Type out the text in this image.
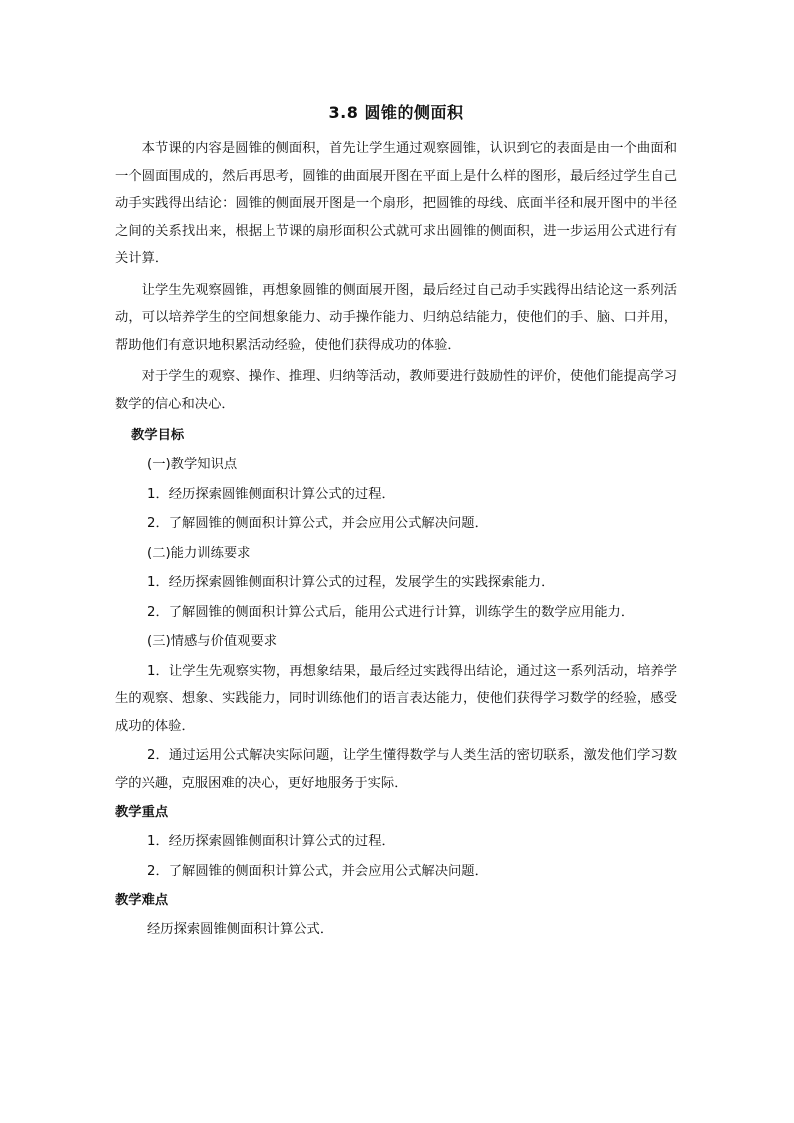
3.8 圆锥的侧面积

本节课的内容是圆锥的侧面积，首先让学生通过观察圆锥，认识到它的表面是由一个曲面和一个圆面围成的，然后再思考，圆锥的曲面展开图在平面上是什么样的图形，最后经过学生自己动手实践得出结论：圆锥的侧面展开图是一个扇形，把圆锥的母线、底面半径和展开图中的半径之间的关系找出来，根据上节课的扇形面积公式就可求出圆锥的侧面积，进一步运用公式进行有关计算．

让学生先观察圆锥，再想象圆锥的侧面展开图，最后经过自己动手实践得出结论这一系列活动，可以培养学生的空间想象能力、动手操作能力、归纳总结能力，使他们的手、脑、口并用，帮助他们有意识地积累活动经验，使他们获得成功的体验．

对于学生的观察、操作、推理、归纳等活动，教师要进行鼓励性的评价，使他们能提高学习数学的信心和决心．

教学目标
(一)教学知识点
1．经历探索圆锥侧面积计算公式的过程．
2．了解圆锥的侧面积计算公式，并会应用公式解决问题．
(二)能力训练要求
1．经历探索圆锥侧面积计算公式的过程，发展学生的实践探索能力．
2．了解圆锥的侧面积计算公式后，能用公式进行计算，训练学生的数学应用能力．
(三)情感与价值观要求
1．让学生先观察实物，再想象结果，最后经过实践得出结论，通过这一系列活动，培养学生的观察、想象、实践能力，同时训练他们的语言表达能力，使他们获得学习数学的经验，感受成功的体验．
2．通过运用公式解决实际问题，让学生懂得数学与人类生活的密切联系，激发他们学习数学的兴趣，克服困难的决心，更好地服务于实际．
教学重点
1．经历探索圆锥侧面积计算公式的过程．
2．了解圆锥的侧面积计算公式，并会应用公式解决问题．
教学难点
经历探索圆锥侧面积计算公式．
